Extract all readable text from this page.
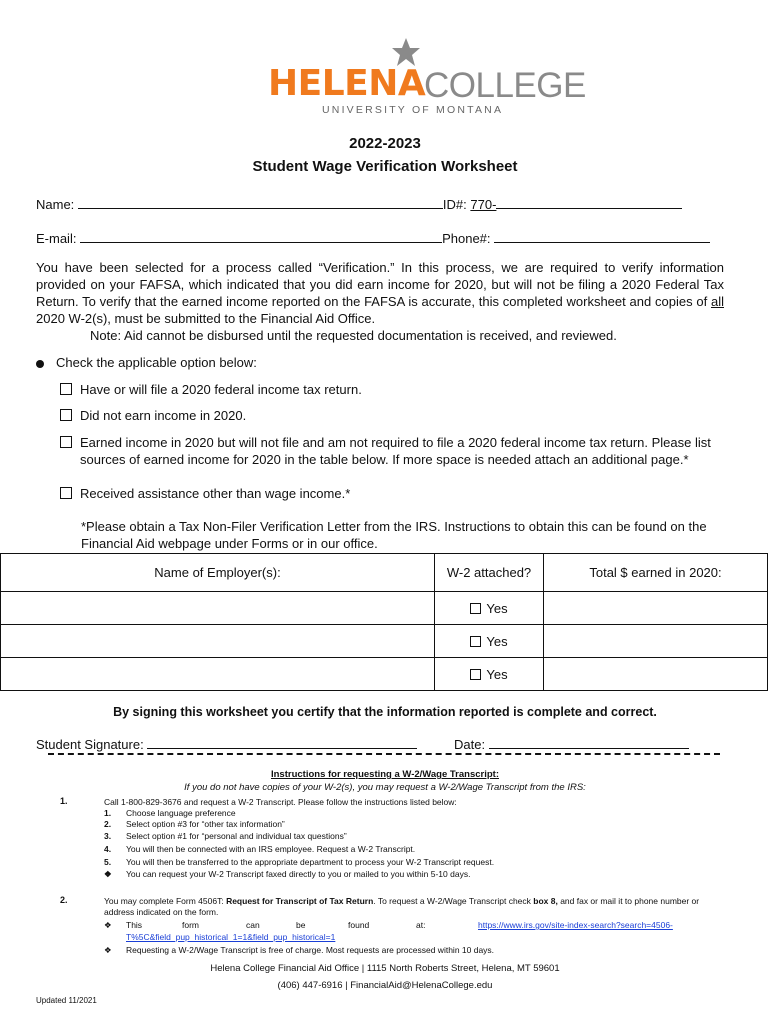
HELENA
COLLEGE
UNIVERSITY OF MONTANA
2022-2023
Student Wage Verification Worksheet
Name:	ID#: 770-
E-mail:	Phone#:
You have been selected for a process called “Verification.” In this process, we are required to verify information provided on your FAFSA, which indicated that you did earn income for 2020, but will not be filing a 2020 Federal Tax Return. To verify that the earned income reported on the FAFSA is accurate, this completed worksheet and copies of all 2020 W-2(s), must be submitted to the Financial Aid Office.
Note: Aid cannot be disbursed until the requested documentation is received, and reviewed.
Check the applicable option below:
Have or will file a 2020 federal income tax return.
Did not earn income in 2020.
Earned income in 2020 but will not file and am not required to file a 2020 federal income tax return. Please list sources of earned income for 2020 in the table below. If more space is needed attach an additional page.*
Received assistance other than wage income.*
*Please obtain a Tax Non-Filer Verification Letter from the IRS. Instructions to obtain this can be found on the Financial Aid webpage under Forms or in our office.
Name of Employer(s):	W-2 attached?	Total $ earned in 2020:
	Yes	
	Yes	
	Yes	
By signing this worksheet you certify that the information reported is complete and correct.
Student Signature:	Date:
Instructions for requesting a W-2/Wage Transcript:
If you do not have copies of your W-2(s), you may request a W-2/Wage Transcript from the IRS:
1.	Call 1-800-829-3676 and request a W-2 Transcript. Please follow the instructions listed below:
1. Choose language preference
2. Select option #3 for “other tax information”
3. Select option #1 for “personal and individual tax questions”
4. You will then be connected with an IRS employee. Request a W-2 Transcript.
5. You will then be transferred to the appropriate department to process your W-2 Transcript request.
❖ You can request your W-2 Transcript faxed directly to you or mailed to you within 5-10 days.
2.	You may complete Form 4506T: Request for Transcript of Tax Return. To request a W-2/Wage Transcript check box 8, and fax or mail it to phone number or address indicated on the form.
❖ This	form	can	be	found	at:	https://www.irs.gov/site-index-search?search=4506-
T%5C&field_pup_historical_1=1&field_pup_historical=1
❖ Requesting a W-2/Wage Transcript is free of charge. Most requests are processed within 10 days.
Helena College Financial Aid Office | 1115 North Roberts Street, Helena, MT 59601
(406) 447-6916 | FinancialAid@HelenaCollege.edu
Updated 11/2021
